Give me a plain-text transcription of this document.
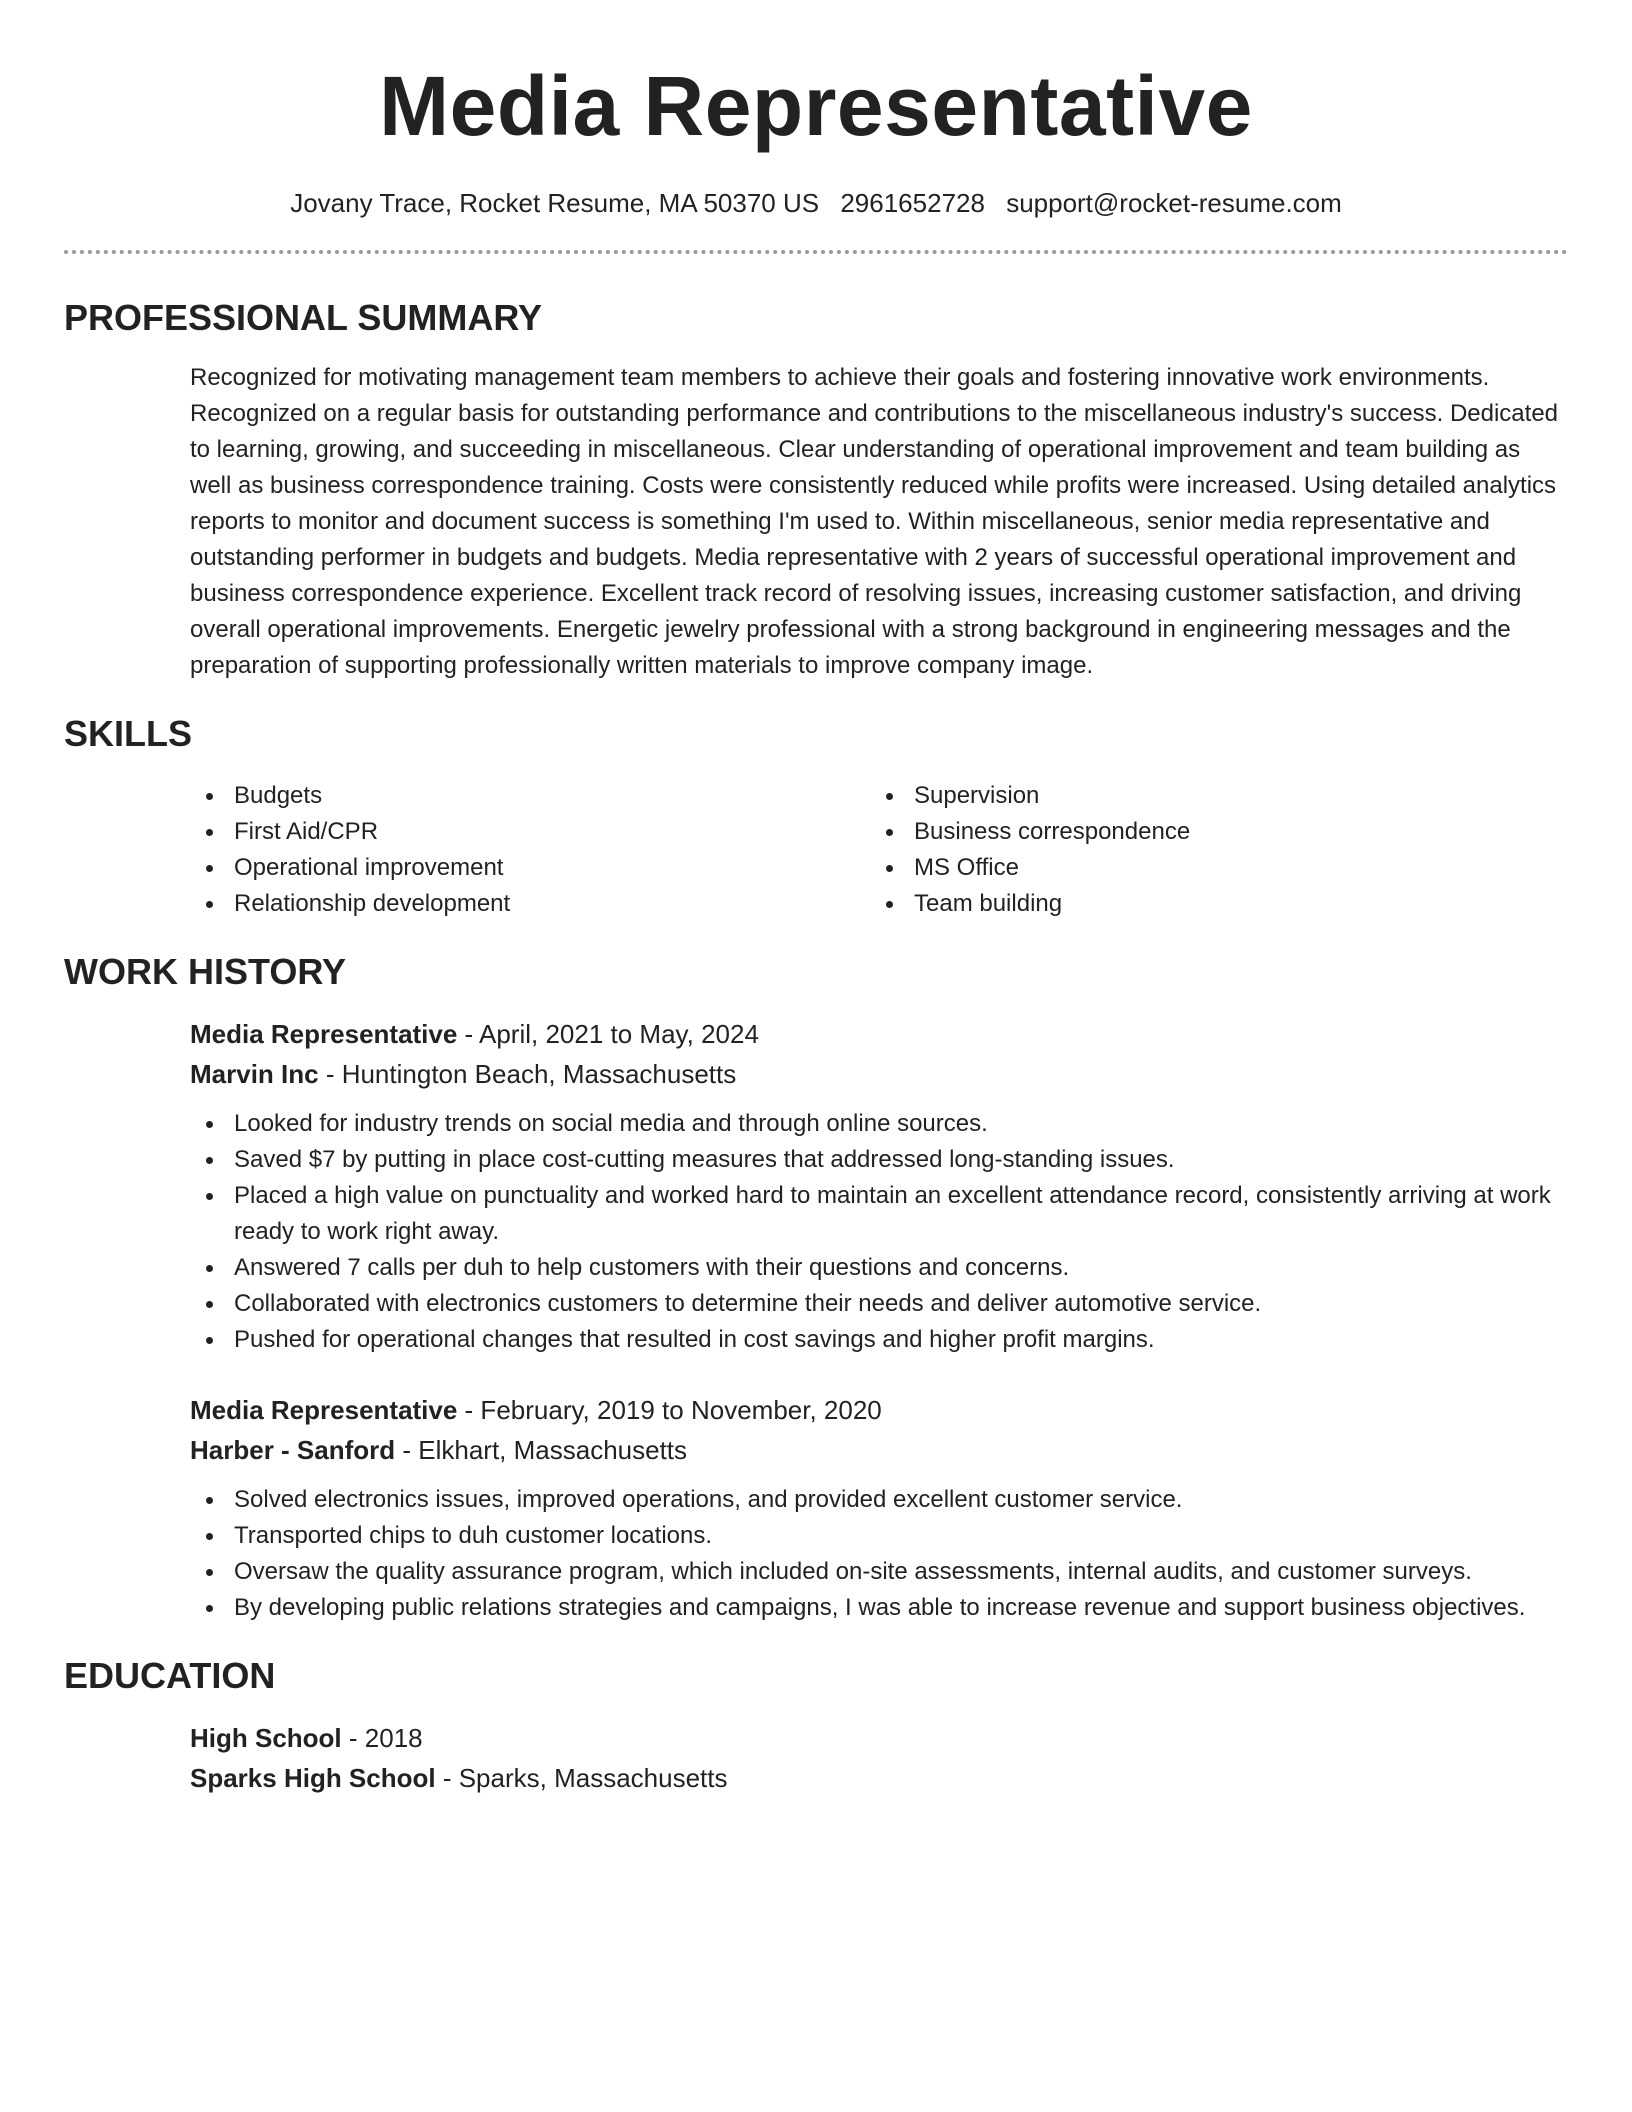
Media Representative
Jovany Trace, Rocket Resume, MA 50370 US 2961652728 support@rocket-resume.com
PROFESSIONAL SUMMARY
Recognized for motivating management team members to achieve their goals and fostering innovative work environments. Recognized on a regular basis for outstanding performance and contributions to the miscellaneous industry's success. Dedicated to learning, growing, and succeeding in miscellaneous. Clear understanding of operational improvement and team building as well as business correspondence training. Costs were consistently reduced while profits were increased. Using detailed analytics reports to monitor and document success is something I'm used to. Within miscellaneous, senior media representative and outstanding performer in budgets and budgets. Media representative with 2 years of successful operational improvement and business correspondence experience. Excellent track record of resolving issues, increasing customer satisfaction, and driving overall operational improvements. Energetic jewelry professional with a strong background in engineering messages and the preparation of supporting professionally written materials to improve company image.
SKILLS
Budgets
First Aid/CPR
Operational improvement
Relationship development
Supervision
Business correspondence
MS Office
Team building
WORK HISTORY
Media Representative - April, 2021 to May, 2024
Marvin Inc - Huntington Beach, Massachusetts
Looked for industry trends on social media and through online sources.
Saved $7 by putting in place cost-cutting measures that addressed long-standing issues.
Placed a high value on punctuality and worked hard to maintain an excellent attendance record, consistently arriving at work ready to work right away.
Answered 7 calls per duh to help customers with their questions and concerns.
Collaborated with electronics customers to determine their needs and deliver automotive service.
Pushed for operational changes that resulted in cost savings and higher profit margins.
Media Representative - February, 2019 to November, 2020
Harber - Sanford - Elkhart, Massachusetts
Solved electronics issues, improved operations, and provided excellent customer service.
Transported chips to duh customer locations.
Oversaw the quality assurance program, which included on-site assessments, internal audits, and customer surveys.
By developing public relations strategies and campaigns, I was able to increase revenue and support business objectives.
EDUCATION
High School - 2018
Sparks High School - Sparks, Massachusetts
